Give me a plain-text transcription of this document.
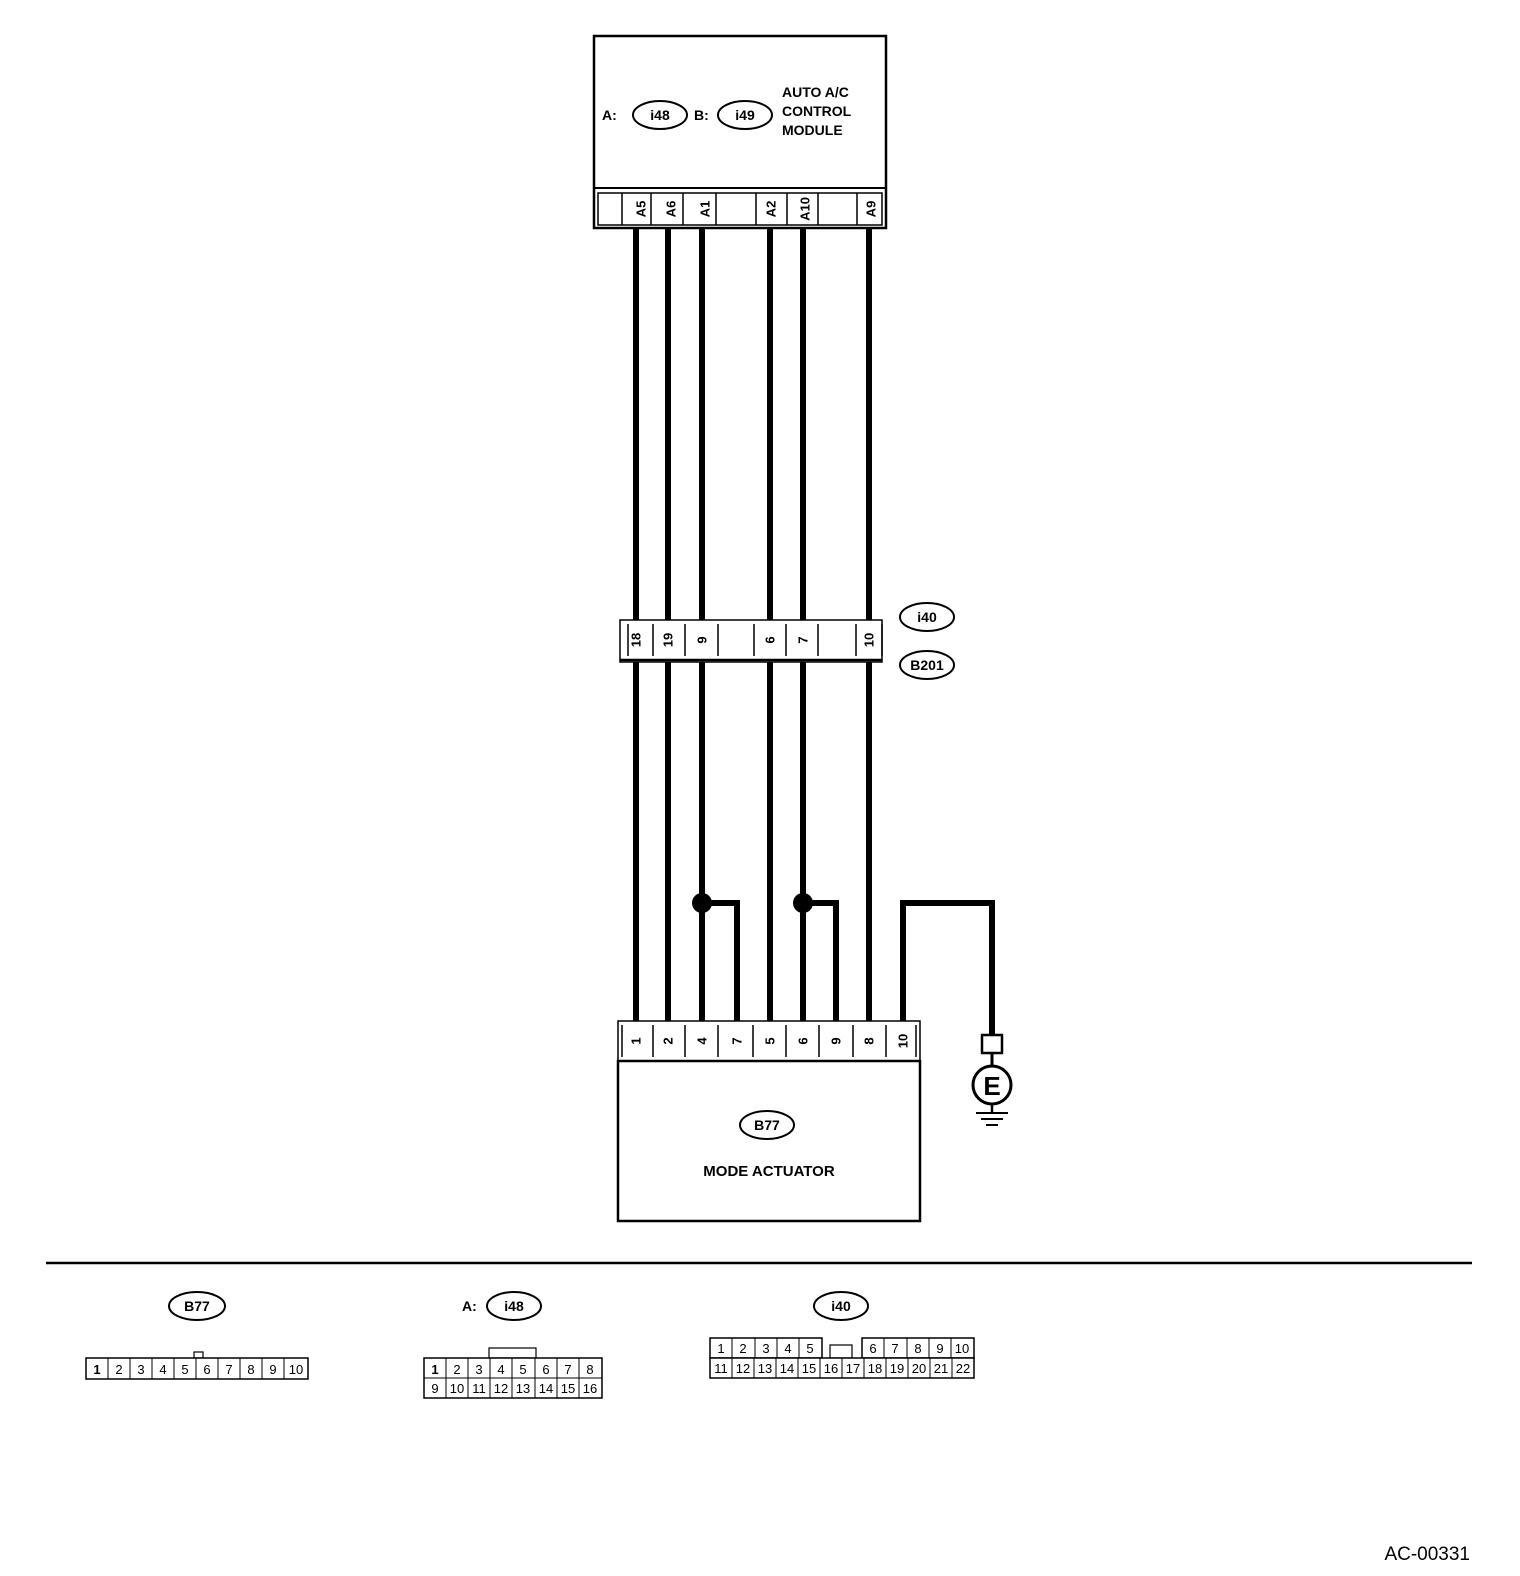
A: i48 B: i49
AUTO A/C
CONTROL
MODULE
A5 A6 A1	A2 A10	A9
18 19 9	6 7	10
i40
B201
1 2 4 7 5 6 9 8 10
B77
MODE ACTUATOR
E
B77
1 2 3 4 5 6 7 8 9 10
A: i48
1 2 3 4 5 6 7 8
9 10 11 12 13 14 15 16
i40
1 2 3 4 5	6 7 8 9 10
11 12 13 14 15 16 17 18 19 20 21 22
AC-00331
